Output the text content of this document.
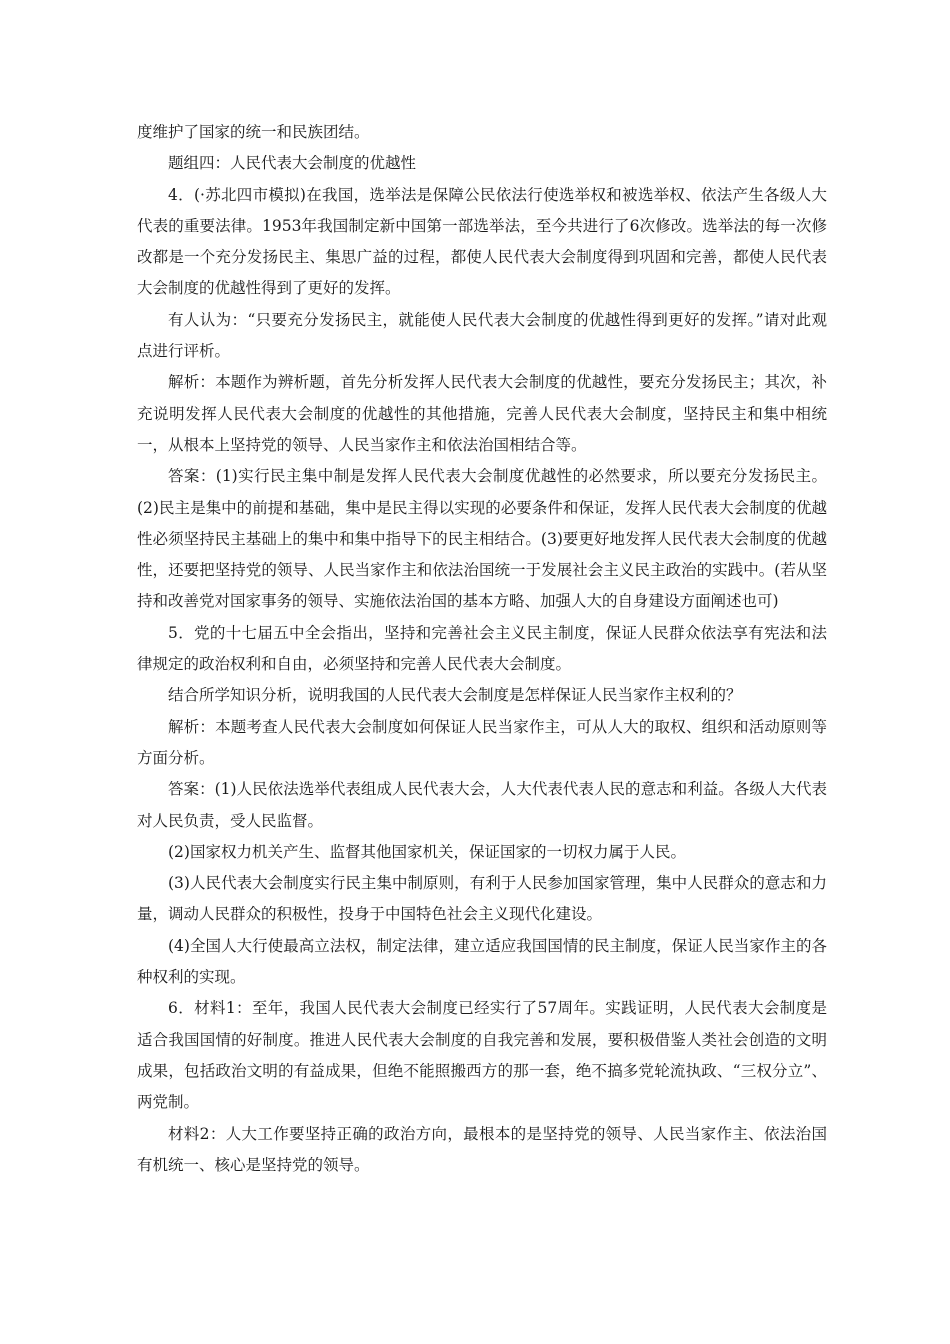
度维护了国家的统一和民族团结。

题组四：人民代表大会制度的优越性

4．(·苏北四市模拟)在我国，选举法是保障公民依法行使选举权和被选举权、依法产生各级人大代表的重要法律。1953年我国制定新中国第一部选举法，至今共进行了6次修改。选举法的每一次修改都是一个充分发扬民主、集思广益的过程，都使人民代表大会制度得到巩固和完善，都使人民代表大会制度的优越性得到了更好的发挥。

有人认为：“只要充分发扬民主，就能使人民代表大会制度的优越性得到更好的发挥。”请对此观点进行评析。

解析：本题作为辨析题，首先分析发挥人民代表大会制度的优越性，要充分发扬民主；其次，补充说明发挥人民代表大会制度的优越性的其他措施，完善人民代表大会制度，坚持民主和集中相统一，从根本上坚持党的领导、人民当家作主和依法治国相结合等。

答案：(1)实行民主集中制是发挥人民代表大会制度优越性的必然要求，所以要充分发扬民主。(2)民主是集中的前提和基础，集中是民主得以实现的必要条件和保证，发挥人民代表大会制度的优越性必须坚持民主基础上的集中和集中指导下的民主相结合。(3)要更好地发挥人民代表大会制度的优越性，还要把坚持党的领导、人民当家作主和依法治国统一于发展社会主义民主政治的实践中。(若从坚持和改善党对国家事务的领导、实施依法治国的基本方略、加强人大的自身建设方面阐述也可)

5．党的十七届五中全会指出，坚持和完善社会主义民主制度，保证人民群众依法享有宪法和法律规定的政治权利和自由，必须坚持和完善人民代表大会制度。

结合所学知识分析，说明我国的人民代表大会制度是怎样保证人民当家作主权利的？

解析：本题考查人民代表大会制度如何保证人民当家作主，可从人大的取权、组织和活动原则等方面分析。

答案：(1)人民依法选举代表组成人民代表大会，人大代表代表人民的意志和利益。各级人大代表对人民负责，受人民监督。

(2)国家权力机关产生、监督其他国家机关，保证国家的一切权力属于人民。

(3)人民代表大会制度实行民主集中制原则，有利于人民参加国家管理，集中人民群众的意志和力量，调动人民群众的积极性，投身于中国特色社会主义现代化建设。

(4)全国人大行使最高立法权，制定法律，建立适应我国国情的民主制度，保证人民当家作主的各种权利的实现。

6．材料1：至年，我国人民代表大会制度已经实行了57周年。实践证明，人民代表大会制度是适合我国国情的好制度。推进人民代表大会制度的自我完善和发展，要积极借鉴人类社会创造的文明成果，包括政治文明的有益成果，但绝不能照搬西方的那一套，绝不搞多党轮流执政、“三权分立”、两党制。

材料2：人大工作要坚持正确的政治方向，最根本的是坚持党的领导、人民当家作主、依法治国有机统一、核心是坚持党的领导。
